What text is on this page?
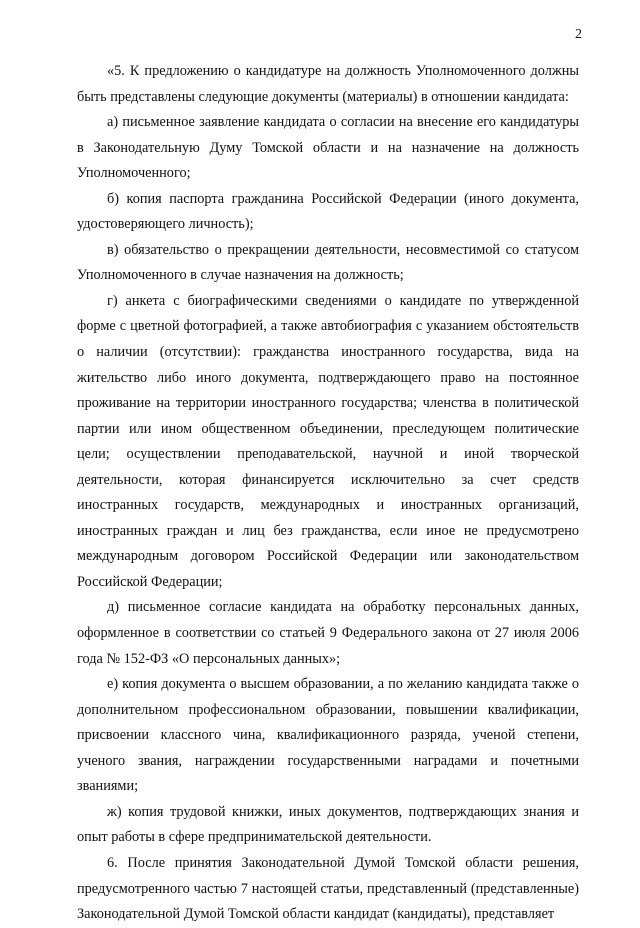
2

«5. К предложению о кандидатуре на должность Уполномоченного должны быть представлены следующие документы (материалы) в отношении кандидата:

а) письменное заявление кандидата о согласии на внесение его кандидатуры в Законодательную Думу Томской области и на назначение на должность Уполномоченного;

б) копия паспорта гражданина Российской Федерации (иного документа, удостоверяющего личность);

в) обязательство о прекращении деятельности, несовместимой со статусом Уполномоченного в случае назначения на должность;

г) анкета с биографическими сведениями о кандидате по утвержденной форме с цветной фотографией, а также автобиография с указанием обстоятельств о наличии (отсутствии): гражданства иностранного государства, вида на жительство либо иного документа, подтверждающего право на постоянное проживание на территории иностранного государства; членства в политической партии или ином общественном объединении, преследующем политические цели; осуществлении преподавательской, научной и иной творческой деятельности, которая финансируется исключительно за счет средств иностранных государств, международных и иностранных организаций, иностранных граждан и лиц без гражданства, если иное не предусмотрено международным договором Российской Федерации или законодательством Российской Федерации;

д) письменное согласие кандидата на обработку персональных данных, оформленное в соответствии со статьей 9 Федерального закона от 27 июля 2006 года № 152-ФЗ «О персональных данных»;

е) копия документа о высшем образовании, а по желанию кандидата также о дополнительном профессиональном образовании, повышении квалификации, присвоении классного чина, квалификационного разряда, ученой степени, ученого звания, награждении государственными наградами и почетными званиями;

ж) копия трудовой книжки, иных документов, подтверждающих знания и опыт работы в сфере предпринимательской деятельности.

6. После принятия Законодательной Думой Томской области решения, предусмотренного частью 7 настоящей статьи, представленный (представленные) Законодательной Думой Томской области кандидат (кандидаты), представляет
